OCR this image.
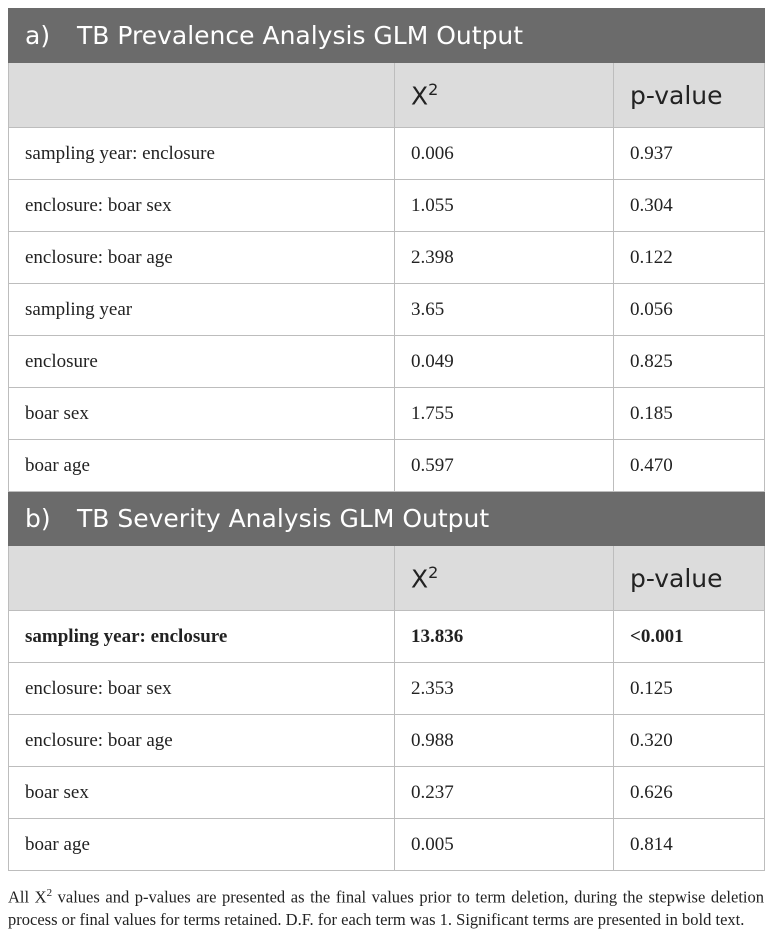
a) TB Prevalence Analysis GLM Output		
	$X^2$	p-value
sampling year: enclosure	0.006	0.937
enclosure: boar sex	1.055	0.304
enclosure: boar age	2.398	0.122
sampling year	3.65	0.056
enclosure	0.049	0.825
boar sex	1.755	0.185
boar age	0.597	0.470
b) TB Severity Analysis GLM Output		
	$X^2$	p-value
sampling year: enclosure	13.836	<0.001
enclosure: boar sex	2.353	0.125
enclosure: boar age	0.988	0.320
boar sex	0.237	0.626
boar age	0.005	0.814
All $X^2$ values and p-values are presented as the final values prior to term deletion, during the stepwise deletion process or final values for terms retained. D.F. for each term was 1. Significant terms are presented in bold text.
